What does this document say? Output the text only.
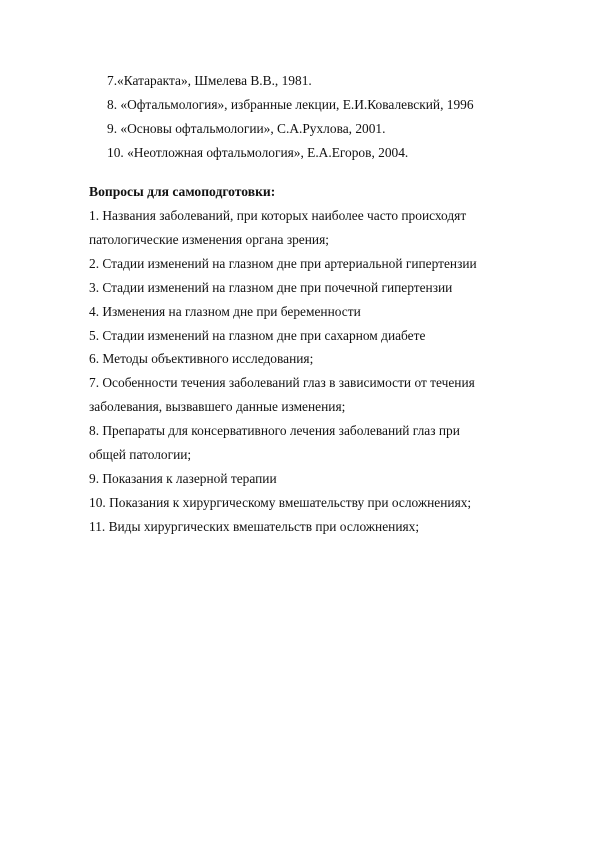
7.«Катаракта», Шмелева В.В., 1981.
8. «Офтальмология», избранные лекции, Е.И.Ковалевский, 1996
9. «Основы офтальмологии», С.А.Рухлова, 2001.
10. «Неотложная офтальмология», Е.А.Егоров, 2004.
Вопросы для самоподготовки:
1. Названия заболеваний, при которых наиболее часто происходят
патологические изменения органа зрения;
2. Стадии изменений на глазном дне при артериальной гипертензии
3. Стадии изменений на глазном дне при почечной гипертензии
4. Изменения на глазном дне при беременности
5. Стадии изменений на глазном дне при сахарном диабете
6. Методы объективного исследования;
7. Особенности течения заболеваний глаз в зависимости от течения
заболевания, вызвавшего данные изменения;
8. Препараты для консервативного лечения заболеваний глаз при
общей патологии;
9. Показания к лазерной терапии
10. Показания к хирургическому вмешательству при осложнениях;
11. Виды хирургических вмешательств при осложнениях;
